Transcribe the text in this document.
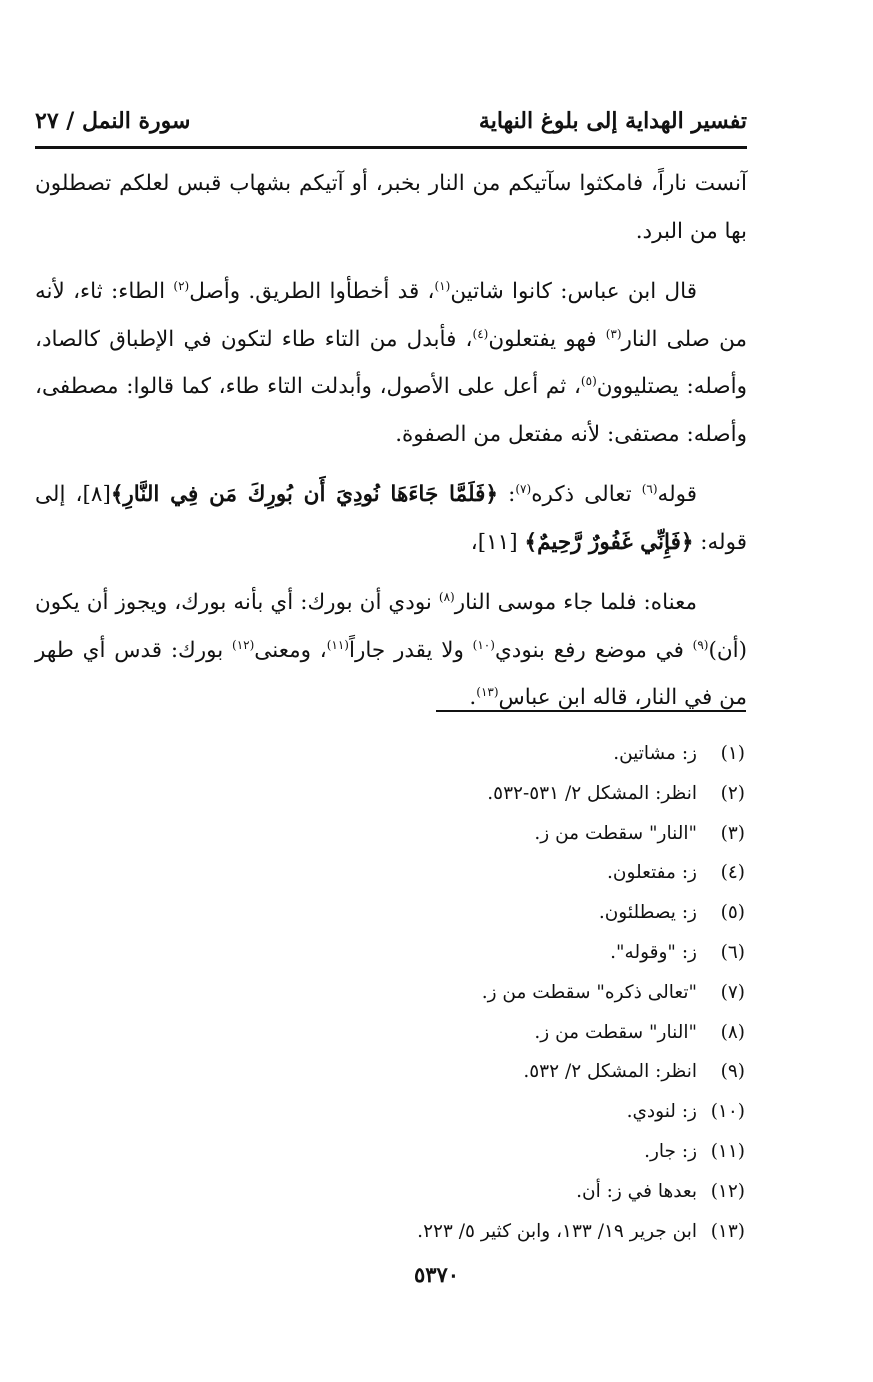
سورة النمل / ٢٧	تفسير الهداية إلى بلوغ النهاية

آنست ناراً، فامكثوا سآتيكم من النار بخبر، أو آتيكم بشهاب قبس لعلكم تصطلون بها من البرد.

قال ابن عباس: كانوا شاتين$^{(١)}$، قد أخطأوا الطريق. وأصل$^{(٢)}$ الطاء: ثاء، لأنه من صلى النار$^{(٣)}$ فهو يفتعلون$^{(٤)}$، فأبدل من التاء طاء لتكون في الإطباق كالصاد، وأصله: يصتليوون$^{(٥)}$، ثم أعل على الأصول، وأبدلت التاء طاء، كما قالوا: مصطفى، وأصله: مصتفى: لأنه مفتعل من الصفوة.

قوله$^{(٦)}$ تعالى ذكره$^{(٧)}$: ﴿فَلَمَّا جَاءَهَا نُودِيَ أَن بُورِكَ مَن فِي النَّارِ﴾[٨]، إلى قوله: ﴿فَإِنِّي غَفُورٌ رَّحِيمٌ﴾ [١١]،

معناه: فلما جاء موسى النار$^{(٨)}$ نودي أن بورك: أي بأنه بورك، ويجوز أن يكون (أن)$^{(٩)}$ في موضع رفع بنودي$^{(١٠)}$ ولا يقدر جاراً$^{(١١)}$، ومعنى$^{(١٢)}$ بورك: قدس أي طهر من في النار، قاله ابن عباس$^{(١٣)}$.

(١)
ز: مشاتين.
(٢)
انظر: المشكل ٢/ ٥٣١-٥٣٢.
(٣)
"النار" سقطت من ز.
(٤)
ز: مفتعلون.
(٥)
ز: يصطلئون.
(٦)
ز: "وقوله".
(٧)
"تعالى ذكره" سقطت من ز.
(٨)
"النار" سقطت من ز.
(٩)
انظر: المشكل ٢/ ٥٣٢.
(١٠)
ز: لنودي.
(١١)
ز: جار.
(١٢)
بعدها في ز: أن.
(١٣)
ابن جرير ١٩/ ١٣٣، وابن كثير ٥/ ٢٢٣.
٥٣٧٠
